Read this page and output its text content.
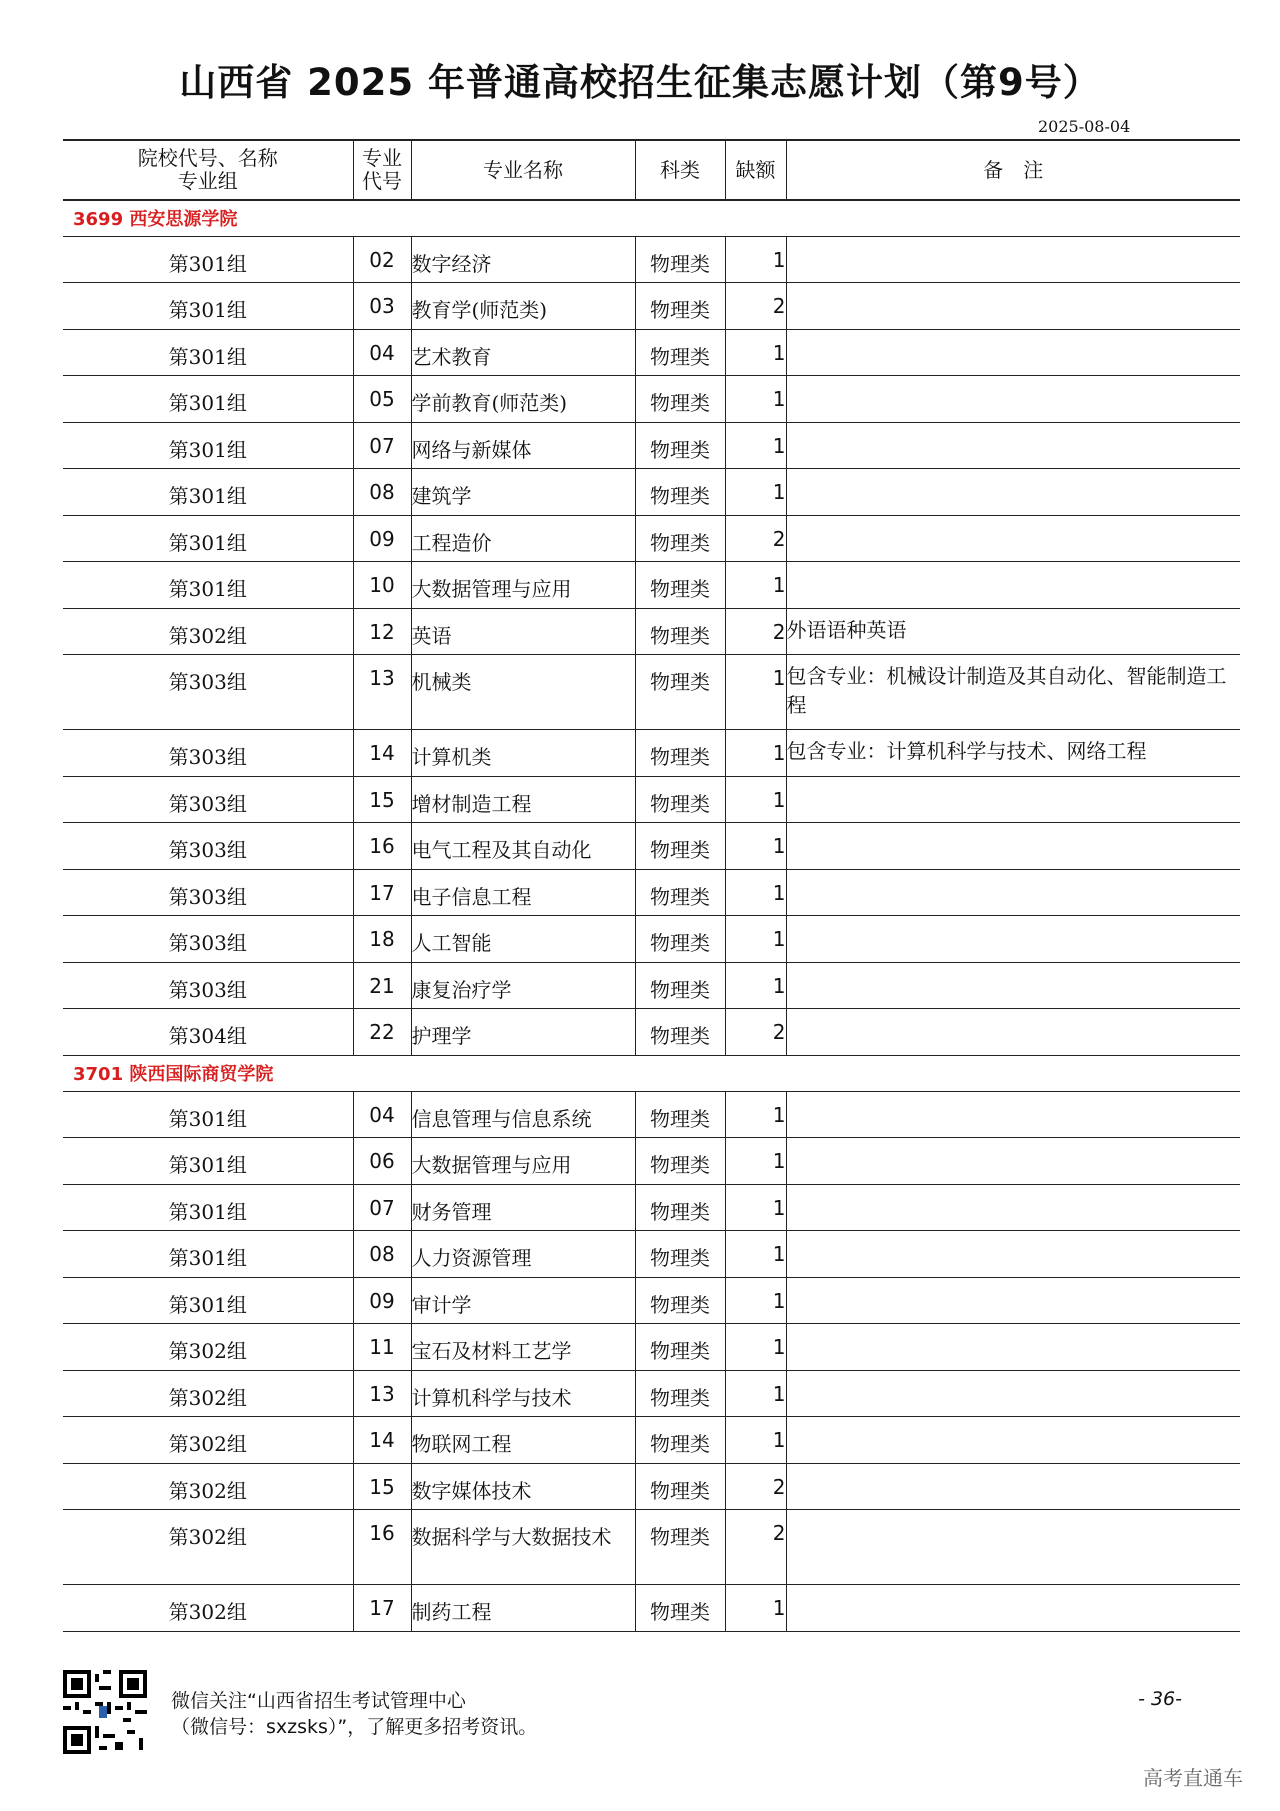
山西省 2025 年普通高校招生征集志愿计划（第9号）
2025-08-04
院校代号、名称
专业组	专业
代号	专业名称	科类	缺额	备　注
3699 西安思源学院					
第301组	02	数字经济	物理类	1	
第301组	03	教育学(师范类)	物理类	2	
第301组	04	艺术教育	物理类	1	
第301组	05	学前教育(师范类)	物理类	1	
第301组	07	网络与新媒体	物理类	1	
第301组	08	建筑学	物理类	1	
第301组	09	工程造价	物理类	2	
第301组	10	大数据管理与应用	物理类	1	
第302组	12	英语	物理类	2	外语语种英语
第303组	13	机械类	物理类	1	包含专业：机械设计制造及其自动化、智能制造工程
第303组	14	计算机类	物理类	1	包含专业：计算机科学与技术、网络工程
第303组	15	增材制造工程	物理类	1	
第303组	16	电气工程及其自动化	物理类	1	
第303组	17	电子信息工程	物理类	1	
第303组	18	人工智能	物理类	1	
第303组	21	康复治疗学	物理类	1	
第304组	22	护理学	物理类	2	
3701 陕西国际商贸学院					
第301组	04	信息管理与信息系统	物理类	1	
第301组	06	大数据管理与应用	物理类	1	
第301组	07	财务管理	物理类	1	
第301组	08	人力资源管理	物理类	1	
第301组	09	审计学	物理类	1	
第302组	11	宝石及材料工艺学	物理类	1	
第302组	13	计算机科学与技术	物理类	1	
第302组	14	物联网工程	物理类	1	
第302组	15	数字媒体技术	物理类	2	
第302组	16	数据科学与大数据技术	物理类	2	
第302组	17	制药工程	物理类	1	
微信关注“山西省招生考试管理中心
（微信号：sxzsks）”，了解更多招考资讯。
- 36-
高考直通车
